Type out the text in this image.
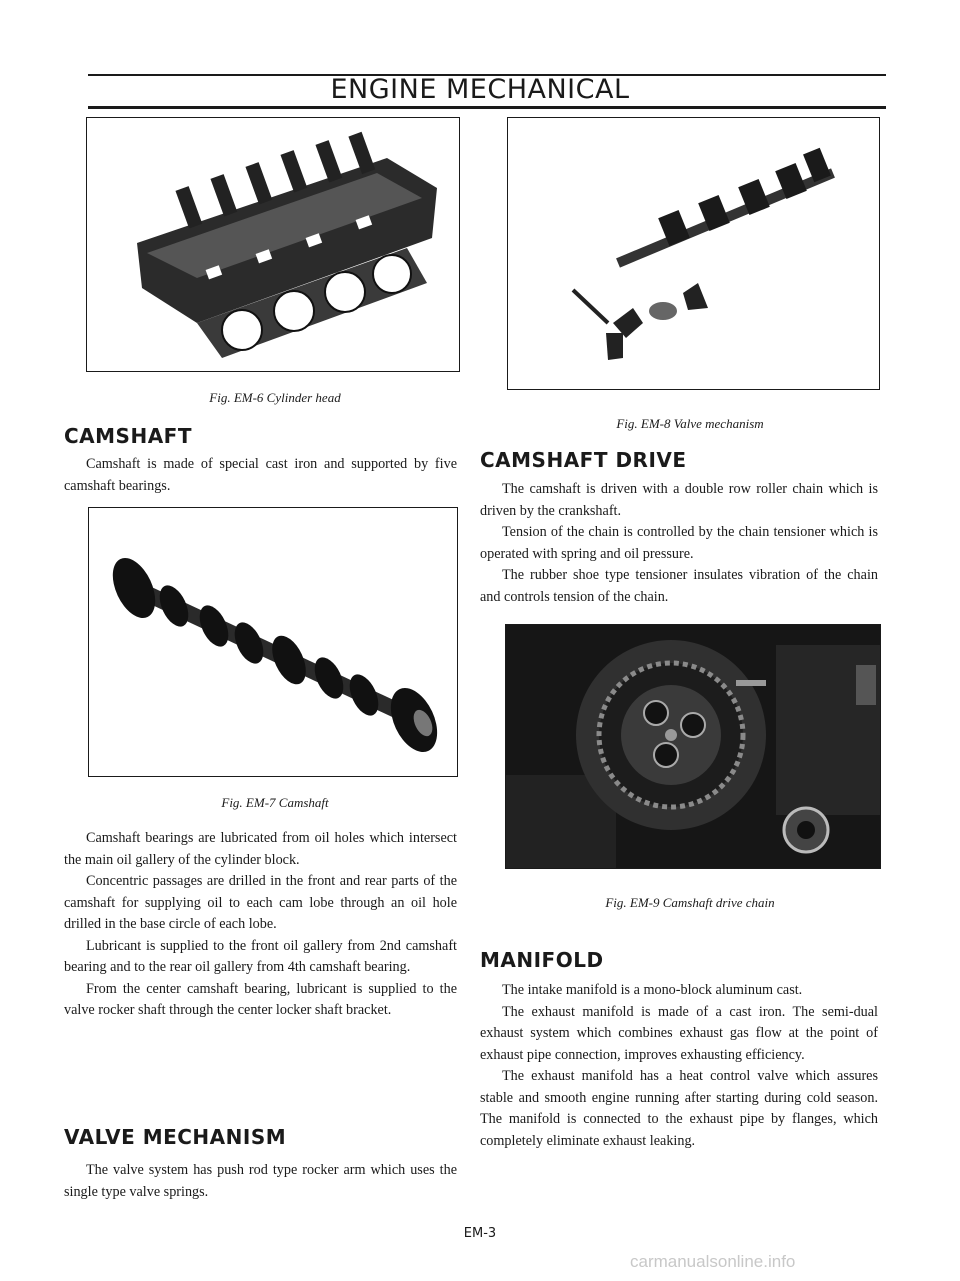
ENGINE MECHANICAL
Fig. EM-6 Cylinder head
CAMSHAFT

Camshaft is made of special cast iron and supported by five camshaft bearings.

Fig. EM-7 Camshaft

Camshaft bearings are lubricated from oil holes which intersect the main oil gallery of the cylinder block.

Concentric passages are drilled in the front and rear parts of the camshaft for supplying oil to each cam lobe through an oil hole drilled in the base circle of each lobe.

Lubricant is supplied to the front oil gallery from 2nd camshaft bearing and to the rear oil gallery from 4th camshaft bearing.

From the center camshaft bearing, lubricant is supplied to the valve rocker shaft through the center locker shaft bracket.

VALVE MECHANISM

The valve system has push rod type rocker arm which uses the single type valve springs.

Fig. EM-8 Valve mechanism
CAMSHAFT DRIVE

The camshaft is driven with a double row roller chain which is driven by the crankshaft.

Tension of the chain is controlled by the chain tensioner which is operated with spring and oil pressure.

The rubber shoe type tensioner insulates vibration of the chain and controls tension of the chain.

Fig. EM-9 Camshaft drive chain
MANIFOLD

The intake manifold is a mono-block aluminum cast.

The exhaust manifold is made of a cast iron. The semi-dual exhaust system which combines exhaust gas flow at the point of exhaust pipe connection, improves exhausting efficiency.

The exhaust manifold has a heat control valve which assures stable and smooth engine running after starting during cold season. The manifold is connected to the exhaust pipe by flanges, which completely eliminate exhaust leaking.

EM-3
carmanualsonline.info
